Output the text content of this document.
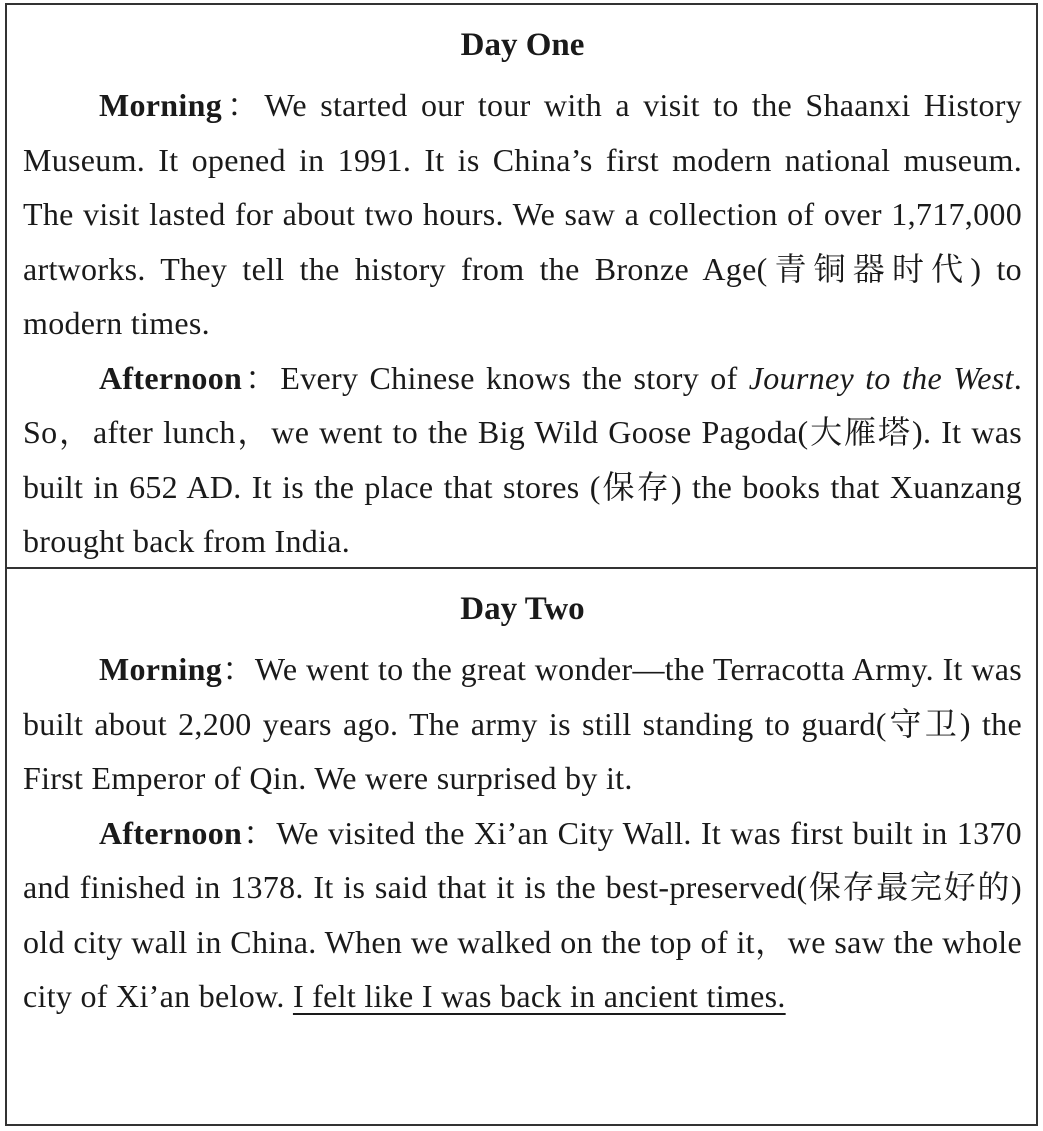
Day One

Morning：We started our tour with a visit to the Shaanxi History Museum. It opened in 1991. It is China’s first modern national museum. The visit lasted for about two hours. We saw a collection of over 1,717,000 artworks. They tell the history from the Bronze Age(青铜器时代) to modern times.

Afternoon：Every Chinese knows the story of Journey to the West. So，after lunch，we went to the Big Wild Goose Pagoda(大雁塔). It was built in 652 AD. It is the place that stores (保存) the books that Xuanzang brought back from India.

Day Two

Morning：We went to the great wonder—the Terracotta Army. It was built about 2,200 years ago. The army is still standing to guard(守卫) the First Emperor of Qin. We were surprised by it.

Afternoon：We visited the Xi’an City Wall. It was first built in 1370 and finished in 1378. It is said that it is the best-preserved(保存最完好的) old city wall in China. When we walked on the top of it，we saw the whole city of Xi’an below. I felt like I was back in ancient times.
